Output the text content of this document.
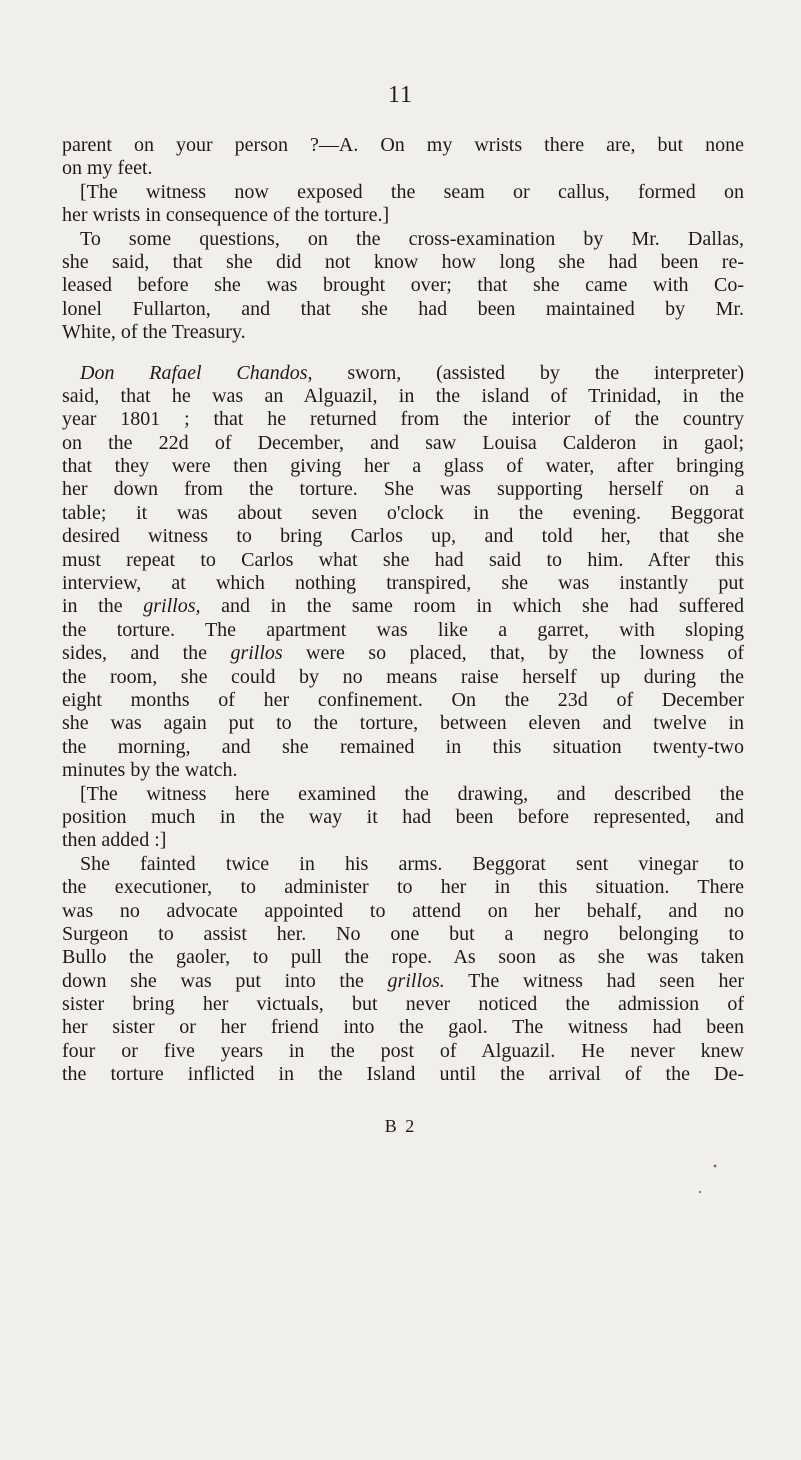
11
parent on your person ?—A. On my wrists there are, but none
on my feet.
[The witness now exposed the seam or callus, formed on
her wrists in consequence of the torture.]
To some questions, on the cross-examination by Mr. Dallas,
she said, that she did not know how long she had been re-
leased before she was brought over; that she came with Co-
lonel Fullarton, and that she had been maintained by Mr.
White, of the Treasury.
Don Rafael Chandos, sworn, (assisted by the interpreter)
said, that he was an Alguazil, in the island of Trinidad, in the
year 1801 ; that he returned from the interior of the country
on the 22d of December, and saw Louisa Calderon in gaol;
that they were then giving her a glass of water, after bringing
her down from the torture. She was supporting herself on a
table; it was about seven o'clock in the evening. Beggorat
desired witness to bring Carlos up, and told her, that she
must repeat to Carlos what she had said to him. After this
interview, at which nothing transpired, she was instantly put
in the grillos, and in the same room in which she had suffered
the torture. The apartment was like a garret, with sloping
sides, and the grillos were so placed, that, by the lowness of
the room, she could by no means raise herself up during the
eight months of her confinement. On the 23d of December
she was again put to the torture, between eleven and twelve in
the morning, and she remained in this situation twenty-two
minutes by the watch.
[The witness here examined the drawing, and described the
position much in the way it had been before represented, and
then added :]
She fainted twice in his arms. Beggorat sent vinegar to
the executioner, to administer to her in this situation. There
was no advocate appointed to attend on her behalf, and no
Surgeon to assist her. No one but a negro belonging to
Bullo the gaoler, to pull the rope. As soon as she was taken
down she was put into the grillos. The witness had seen her
sister bring her victuals, but never noticed the admission of
her sister or her friend into the gaol. The witness had been
four or five years in the post of Alguazil. He never knew
the torture inflicted in the Island until the arrival of the De-
B 2
